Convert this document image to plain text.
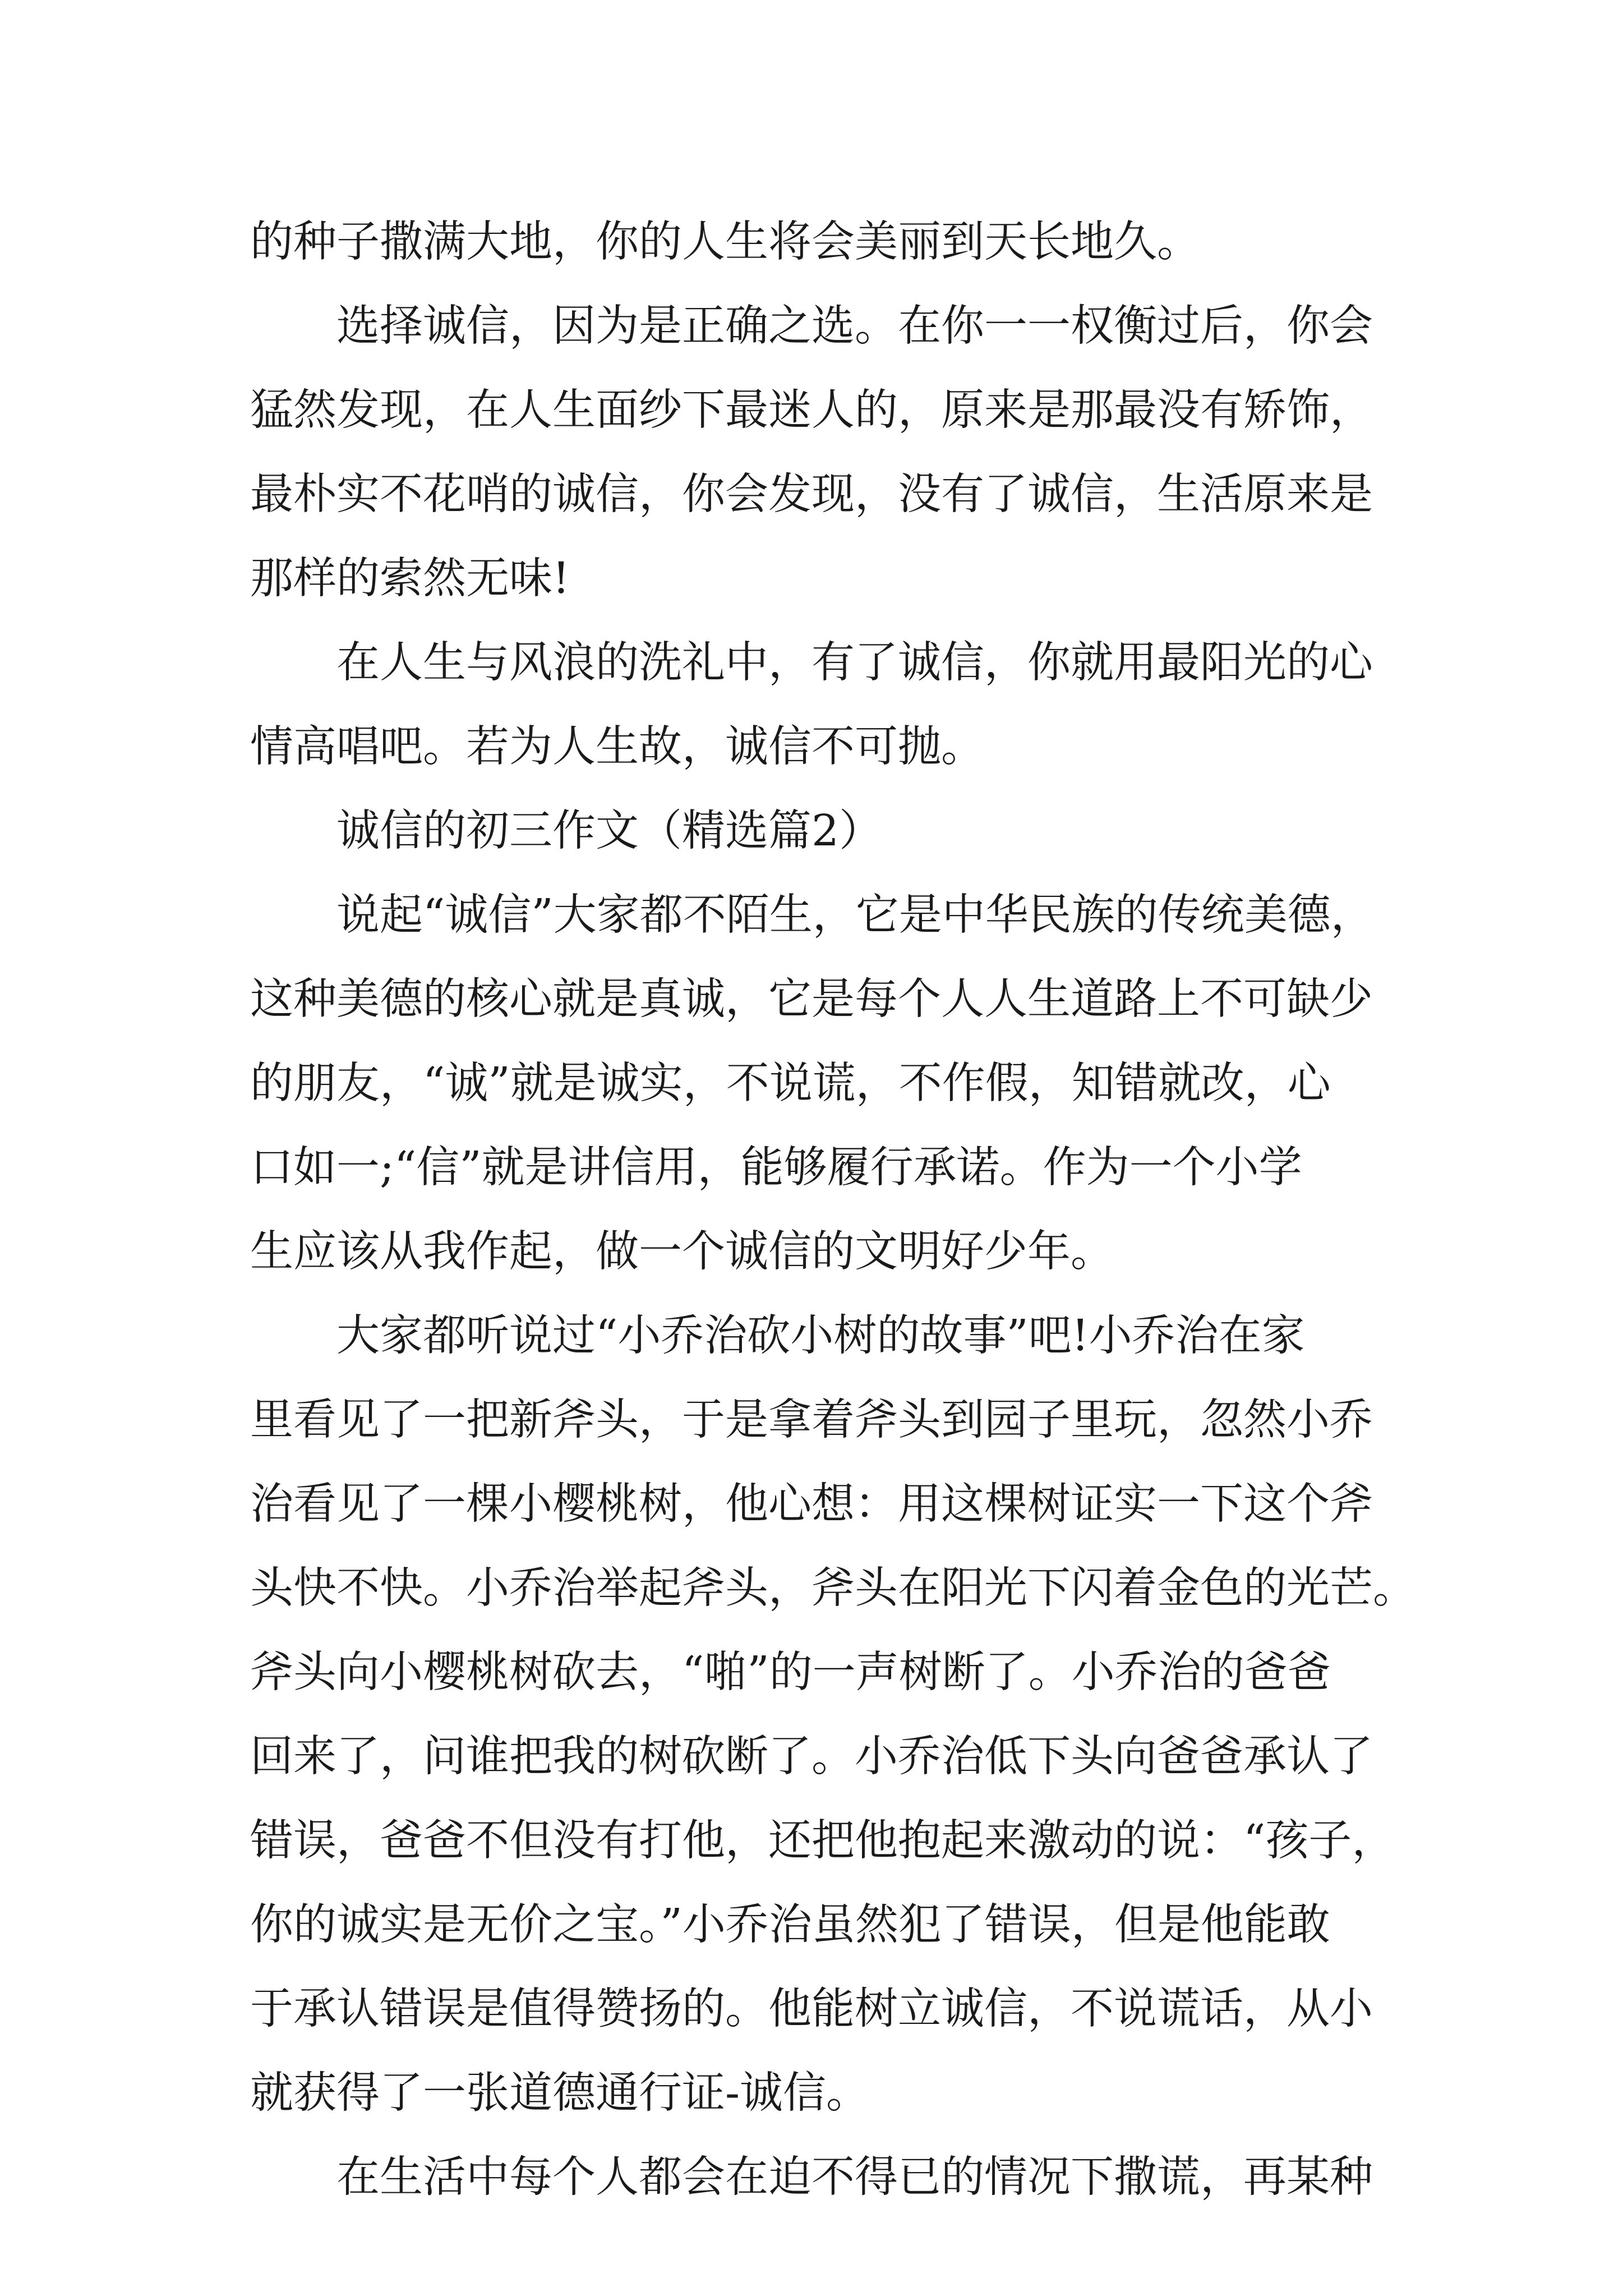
的种子撒满大地，你的人生将会美丽到天长地久。

选择诚信，因为是正确之选。在你一一权衡过后，你会

猛然发现，在人生面纱下最迷人的，原来是那最没有矫饰，

最朴实不花哨的诚信，你会发现，没有了诚信，生活原来是

那样的索然无味!

在人生与风浪的洗礼中，有了诚信，你就用最阳光的心

情高唱吧。若为人生故，诚信不可抛。

诚信的初三作文（精选篇2）

说起“诚信”大家都不陌生，它是中华民族的传统美德，

这种美德的核心就是真诚，它是每个人人生道路上不可缺少

的朋友，“诚”就是诚实，不说谎，不作假，知错就改，心

口如一;“信”就是讲信用，能够履行承诺。作为一个小学

生应该从我作起，做一个诚信的文明好少年。

大家都听说过“小乔治砍小树的故事”吧!小乔治在家

里看见了一把新斧头，于是拿着斧头到园子里玩，忽然小乔

治看见了一棵小樱桃树，他心想：用这棵树证实一下这个斧

头快不快。小乔治举起斧头，斧头在阳光下闪着金色的光芒。

斧头向小樱桃树砍去，“啪”的一声树断了。小乔治的爸爸

回来了，问谁把我的树砍断了。小乔治低下头向爸爸承认了

错误，爸爸不但没有打他，还把他抱起来激动的说：“孩子，

你的诚实是无价之宝。”小乔治虽然犯了错误，但是他能敢

于承认错误是值得赞扬的。他能树立诚信，不说谎话，从小

就获得了一张道德通行证-诚信。

在生活中每个人都会在迫不得已的情况下撒谎，再某种
